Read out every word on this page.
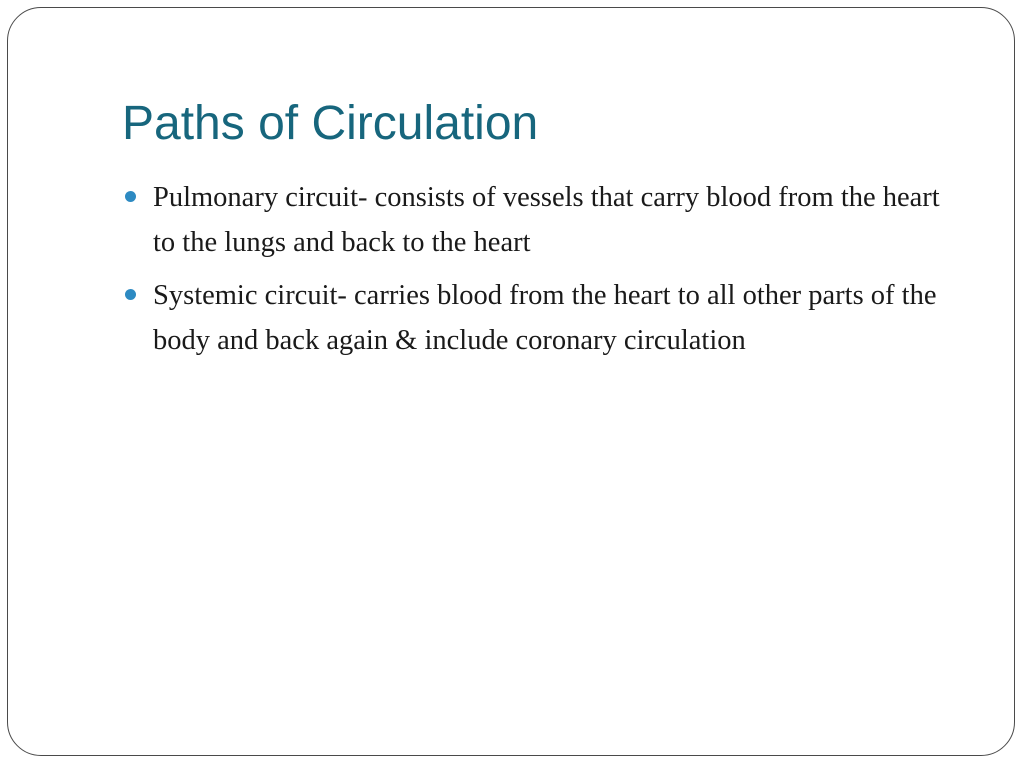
Paths of Circulation
Pulmonary circuit- consists of vessels that carry blood from the heart to the lungs and back to the heart
Systemic circuit- carries blood from the heart to all other parts of the body and back again & include coronary circulation
